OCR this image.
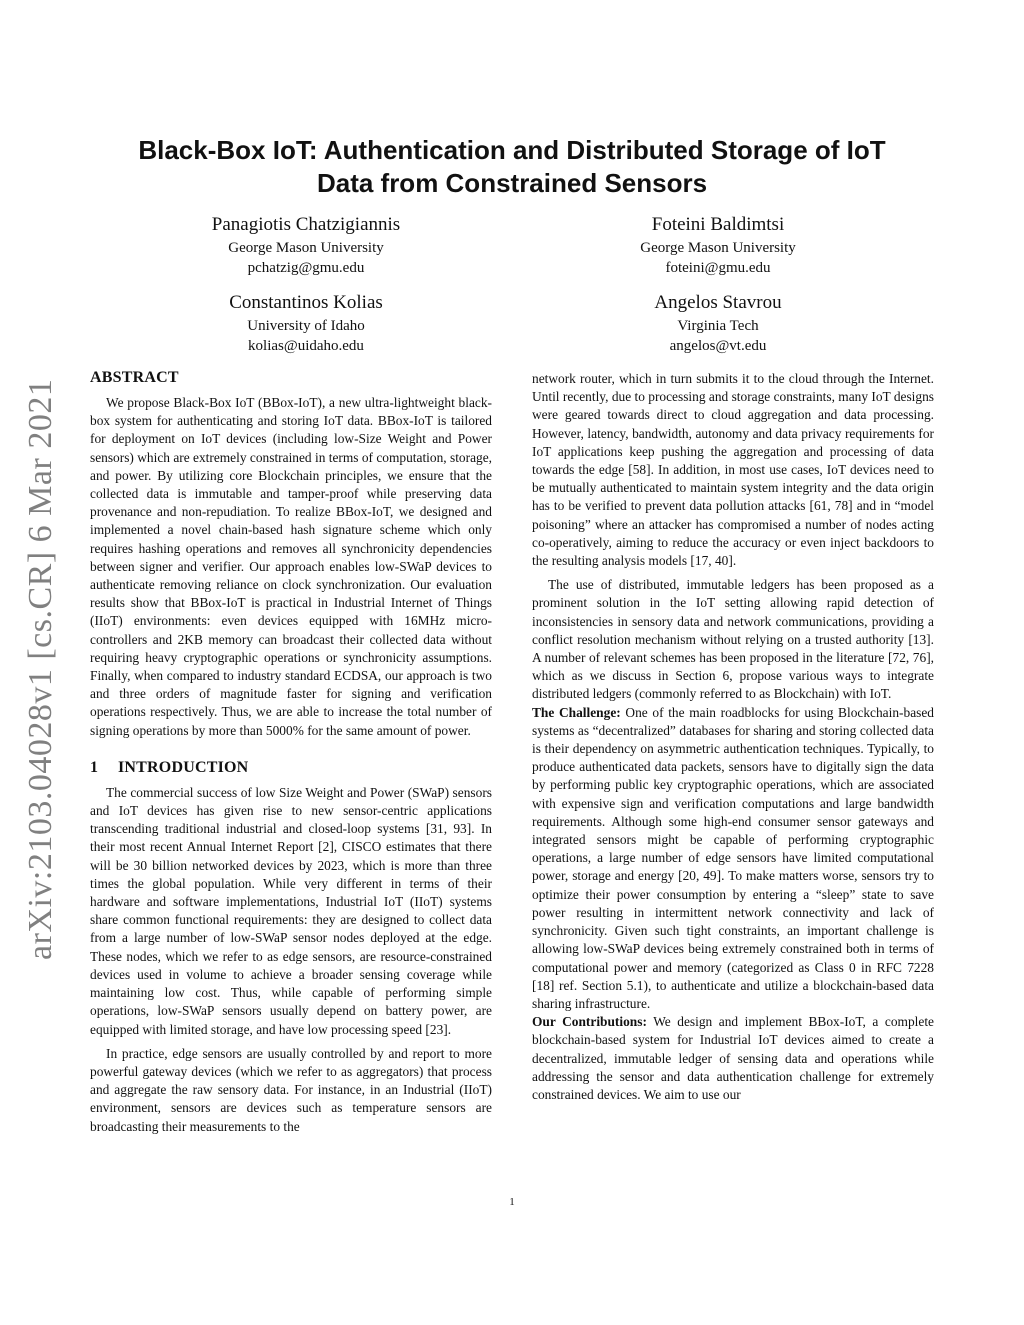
arXiv:2103.04028v1 [cs.CR] 6 Mar 2021
Black-Box IoT: Authentication and Distributed Storage of IoT
Data from Constrained Sensors
Panagiotis Chatzigiannis
George Mason University
pchatzig@gmu.edu
Foteini Baldimtsi
George Mason University
foteini@gmu.edu
Constantinos Kolias
University of Idaho
kolias@uidaho.edu
Angelos Stavrou
Virginia Tech
angelos@vt.edu
ABSTRACT

We propose Black-Box IoT (BBox-IoT), a new ultra-lightweight black-box system for authenticating and storing IoT data. BBox-IoT is tailored for deployment on IoT devices (including low-Size Weight and Power sensors) which are extremely constrained in terms of computation, storage, and power. By utilizing core Blockchain principles, we ensure that the collected data is immutable and tamper-proof while preserving data provenance and non-repudiation. To realize BBox-IoT, we designed and implemented a novel chain-based hash signature scheme which only requires hashing operations and removes all synchronicity dependencies between signer and verifier. Our approach enables low-SWaP devices to authenticate removing reliance on clock synchronization. Our evaluation results show that BBox-IoT is practical in Industrial Internet of Things (IIoT) environments: even devices equipped with 16MHz micro-controllers and 2KB memory can broadcast their collected data without requiring heavy cryptographic operations or synchronicity assumptions. Finally, when compared to industry standard ECDSA, our approach is two and three orders of magnitude faster for signing and verification operations respectively. Thus, we are able to increase the total number of signing operations by more than 5000% for the same amount of power.

1 INTRODUCTION

The commercial success of low Size Weight and Power (SWaP) sensors and IoT devices has given rise to new sensor-centric applications transcending traditional industrial and closed-loop systems [31, 93]. In their most recent Annual Internet Report [2], CISCO estimates that there will be 30 billion networked devices by 2023, which is more than three times the global population. While very different in terms of their hardware and software implementations, Industrial IoT (IIoT) systems share common functional requirements: they are designed to collect data from a large number of low-SWaP sensor nodes deployed at the edge. These nodes, which we refer to as edge sensors, are resource-constrained devices used in volume to achieve a broader sensing coverage while maintaining low cost. Thus, while capable of performing simple operations, low-SWaP sensors usually depend on battery power, are equipped with limited storage, and have low processing speed [23].

In practice, edge sensors are usually controlled by and report to more powerful gateway devices (which we refer to as aggregators) that process and aggregate the raw sensory data. For instance, in an Industrial (IIoT) environment, sensors are devices such as temperature sensors are broadcasting their measurements to the

network router, which in turn submits it to the cloud through the Internet. Until recently, due to processing and storage constraints, many IoT designs were geared towards direct to cloud aggregation and data processing. However, latency, bandwidth, autonomy and data privacy requirements for IoT applications keep pushing the aggregation and processing of data towards the edge [58]. In addition, in most use cases, IoT devices need to be mutually authenticated to maintain system integrity and the data origin has to be verified to prevent data pollution attacks [61, 78] and in “model poisoning” where an attacker has compromised a number of nodes acting co-operatively, aiming to reduce the accuracy or even inject backdoors to the resulting analysis models [17, 40].

The use of distributed, immutable ledgers has been proposed as a prominent solution in the IoT setting allowing rapid detection of inconsistencies in sensory data and network communications, providing a conflict resolution mechanism without relying on a trusted authority [13]. A number of relevant schemes has been proposed in the literature [72, 76], which as we discuss in Section 6, propose various ways to integrate distributed ledgers (commonly referred to as Blockchain) with IoT.

The Challenge: One of the main roadblocks for using Blockchain-based systems as “decentralized” databases for sharing and storing collected data is their dependency on asymmetric authentication techniques. Typically, to produce authenticated data packets, sensors have to digitally sign the data by performing public key cryptographic operations, which are associated with expensive sign and verification computations and large bandwidth requirements. Although some high-end consumer sensor gateways and integrated sensors might be capable of performing cryptographic operations, a large number of edge sensors have limited computational power, storage and energy [20, 49]. To make matters worse, sensors try to optimize their power consumption by entering a “sleep” state to save power resulting in intermittent network connectivity and lack of synchronicity. Given such tight constraints, an important challenge is allowing low-SWaP devices being extremely constrained both in terms of computational power and memory (categorized as Class 0 in RFC 7228 [18] ref. Section 5.1), to authenticate and utilize a blockchain-based data sharing infrastructure.

Our Contributions: We design and implement BBox-IoT, a complete blockchain-based system for Industrial IoT devices aimed to create a decentralized, immutable ledger of sensing data and operations while addressing the sensor and data authentication challenge for extremely constrained devices. We aim to use our

1
